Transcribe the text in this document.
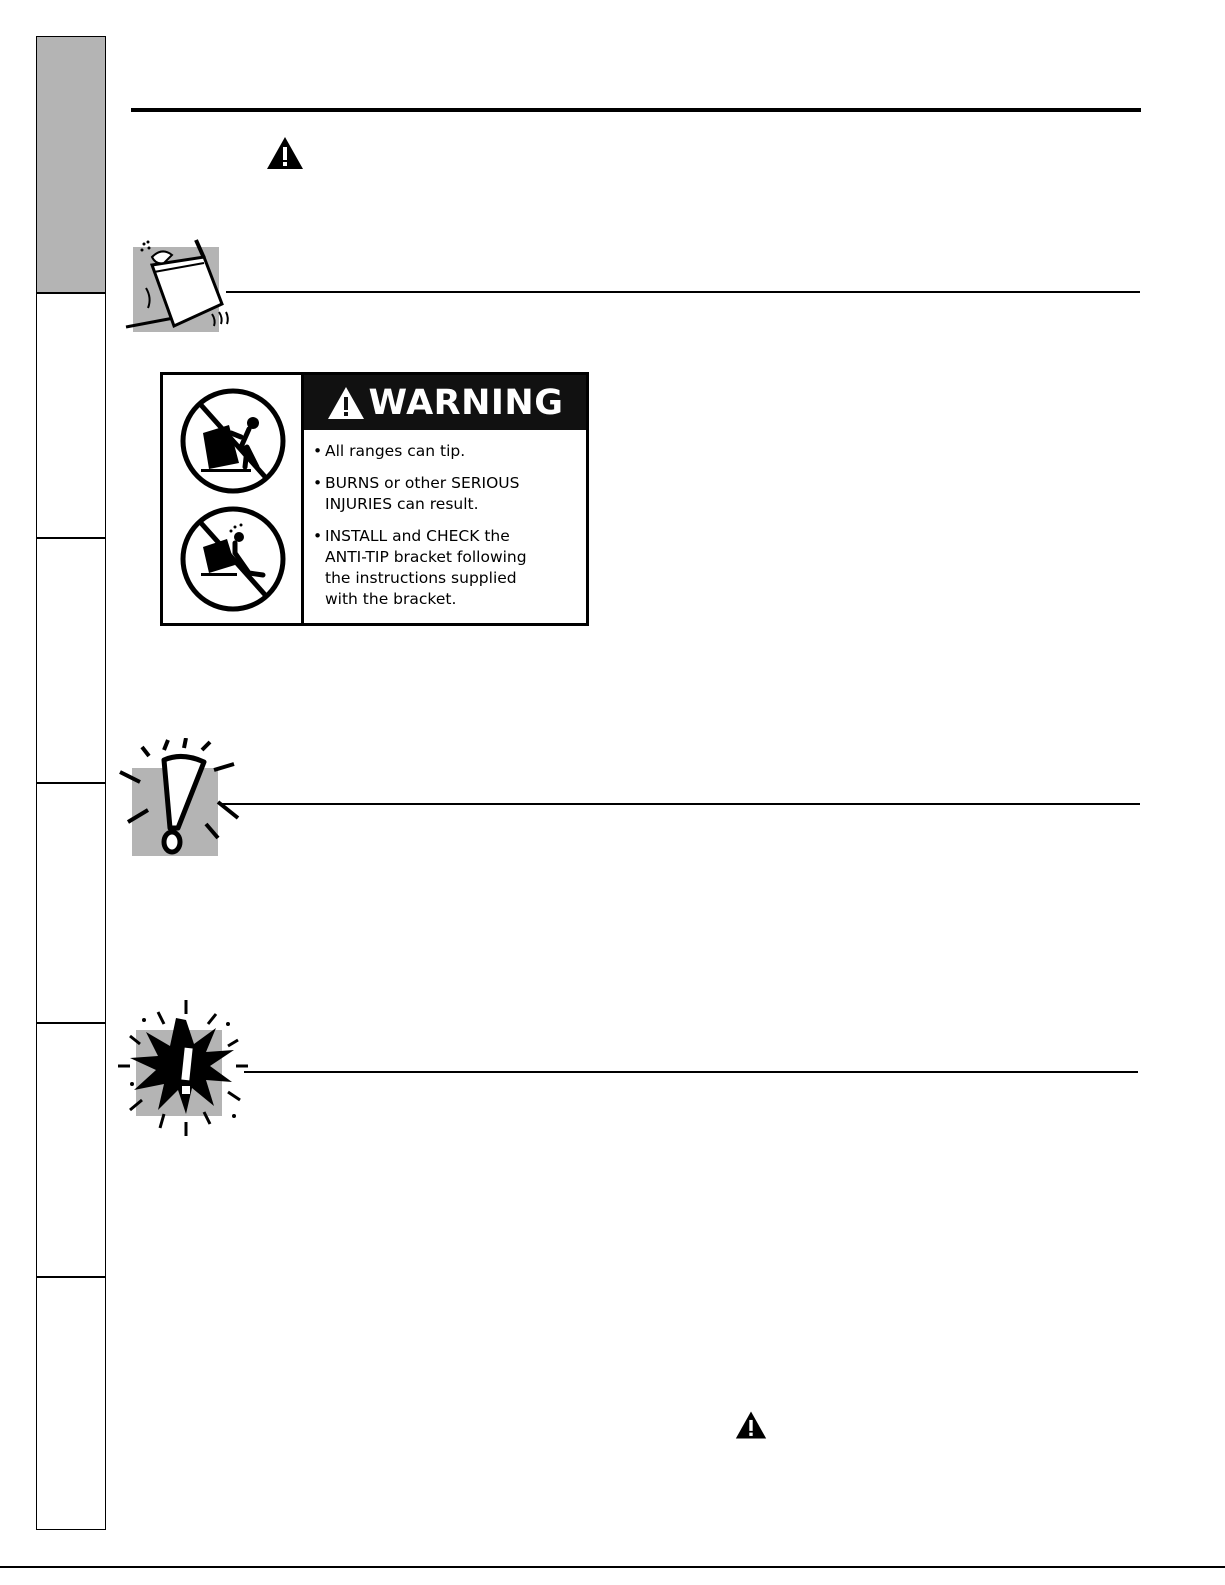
WARNING
• All ranges can tip.
• BURNS or other SERIOUS
INJURIES can result.
• INSTALL and CHECK the
ANTI-TIP bracket following
the instructions supplied
with the bracket.
